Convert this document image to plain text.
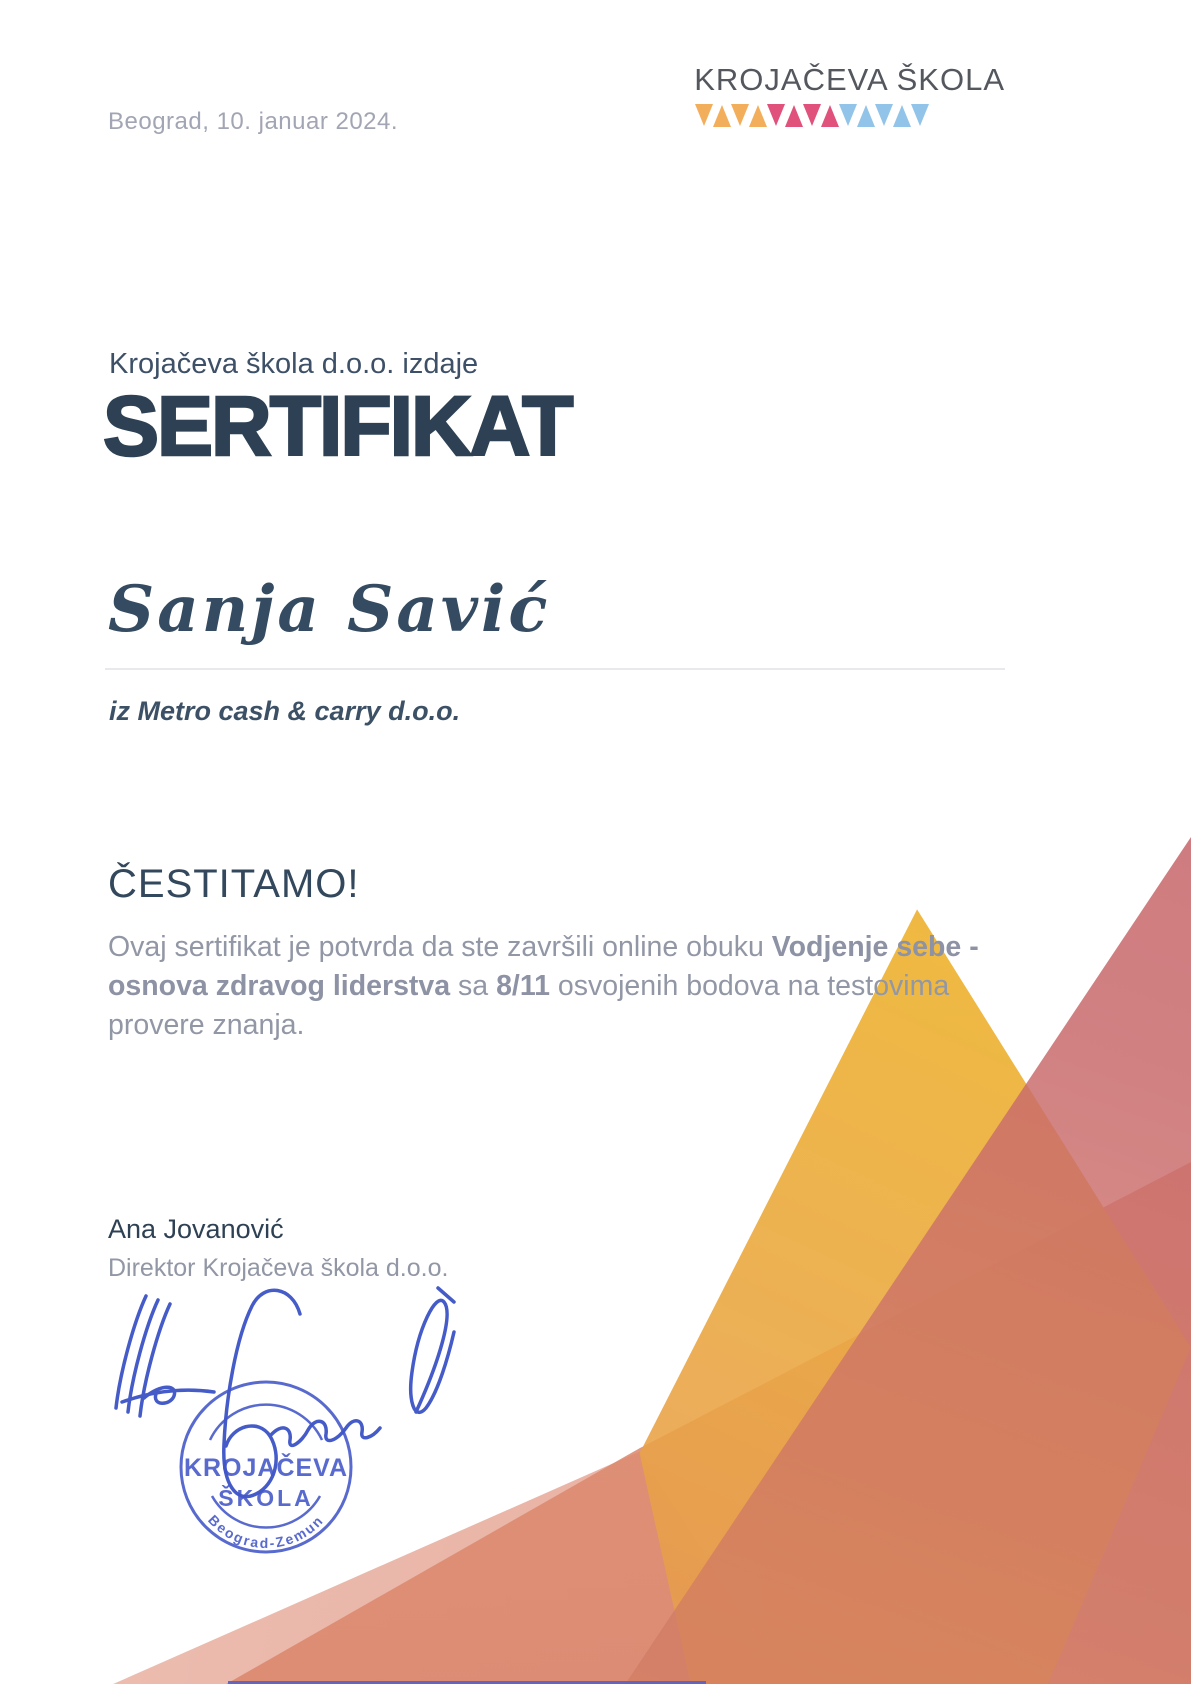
Beograd, 10. januar 2024.
KROJAČEVA ŠKOLA
Krojačeva škola d.o.o. izdaje
SERTIFIKAT
Sanja Savić
iz Metro cash & carry d.o.o.
ČESTITAMO!
Ovaj sertifikat je potvrda da ste završili online obuku Vodjenje sebe - osnova zdravog liderstva sa 8/11 osvojenih bodova na testovima provere znanja.
Ana Jovanović
Direktor Krojačeva škola d.o.o.
KROJAČEVA
ŠKOLA
Beograd-Zemun
